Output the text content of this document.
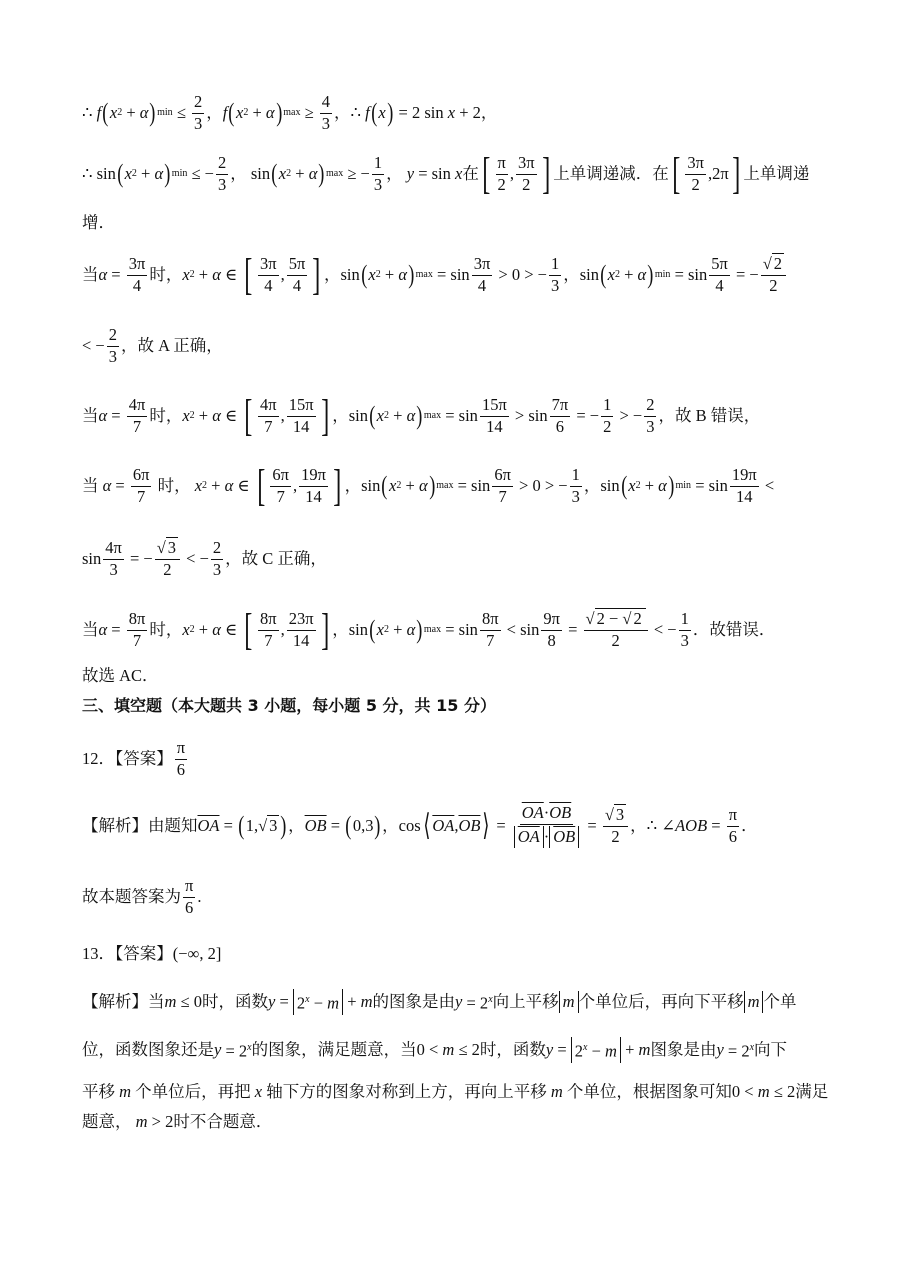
∴ f ( x 2 + α ) $\min \le \frac{2}{3}$ ， f ( x 2 + α ) $\max \ge \frac{4}{3}$ ， ∴ f ( x ) = 2 sin x + 2 ，
∴ sin ( x 2 + α ) min ≤ − $\frac{2}{3}$ ， sin ( x 2 + α ) max ≥ − $\frac{1}{3}$ ， y = sin x 在 [ $\frac{\pi}{2}$ , $\frac{3\pi}{2}$ ] 上单调递减．在 [ $\frac{3\pi}{2} ,2\pi$ ] 上单调递
增．
当 $\alpha = \frac{3\pi}{4}$ 时， x 2 + α ∈ [ $\frac{3\pi}{4}$ , $\frac{5\pi}{4}$ ] ， sin ( x 2 + α ) $\max = \sin \frac{3\pi}{4} > 0$ > − $\frac{1}{3}$ ， sin ( x 2 + α ) $\min = \sin \frac{5\pi}{4}$ = − $\frac{√ 2}{2}$
< − $\frac{2}{3}$ ，故 A 正确，
当 $\alpha = \frac{4\pi}{7}$ 时， x 2 + α ∈ [ $\frac{4\pi}{7}$ , $\frac{15\pi}{14}$ ] ， sin ( x 2 + α ) $\max = \sin \frac{15\pi}{14} > \sin \frac{7\pi}{6}$ = − $\frac{1}{2}$ > − $\frac{2}{3}$ ，故 B 错误，
当 $\alpha = \frac{6\pi}{7}$ 时， x 2 + α ∈ [ $\frac{6\pi}{7}$ , $\frac{19\pi}{14}$ ] ， sin ( x 2 + α ) $\max = \sin \frac{6\pi}{7} > 0$ > − $\frac{1}{3}$ ， sin ( x 2 + α ) $\min = \sin \frac{19\pi}{14}$ <
$\sin \frac{4\pi}{3}$ = − $\frac{√ 3}{2}$ < − $\frac{2}{3}$ ，故 C 正确，
当 $\alpha = \frac{8\pi}{7}$ 时， x 2 + α ∈ [ $\frac{8\pi}{7}$ , $\frac{23\pi}{14}$ ] ， sin ( x 2 + α ) $\max = \sin \frac{8\pi}{7} < \sin \frac{9\pi}{8} = \frac{√ 2 - √ 2}{2}$ < − $\frac{1}{3}$ ．故错误．
故选 AC．
三、填空题（本大题共 3 小题，每小题 5 分，共 15 分）
12．【答案】 $\frac{\pi}{6}$
【解析】由题知 $\overline{OA}$ = ( 1,√ 3 ) ， $\overline{OB}$ = ( 0,3 ) ， cos ⟨ $\overline{OA}$ , $\overline{OB}$ ⟩ = $\frac{\overline{OA}\cdot\overline{OB}}{\overline{OA} \cdot \overline{OB}} = \frac{√ 3}{2}$ ， ∴ ∠ AOB = $\frac{\pi}{6}$ ．
故本题答案为 $\frac{\pi}{6}$ .
13．【答案】 (−∞, 2]
【解析】 当 m ≤ 0 时，函数 $y = 2^x - m + m$ 的图象是由 $y = 2^x$ 向上平移 m 个单位后，再向下平移 m 个单
位，函数图象还是 $y = 2^x$ 的图象，满足题意，当 0 < m ≤ 2 时，函数 $y = 2^x - m + m$ 图象是由 $y = 2^x$ 向下
平移 m 个单位后，再把 x 轴下方的图象对称到上方，再向上平移 m 个单位，根据图象可知 0 < m ≤ 2 满足
题意， m > 2 时不合题意．
